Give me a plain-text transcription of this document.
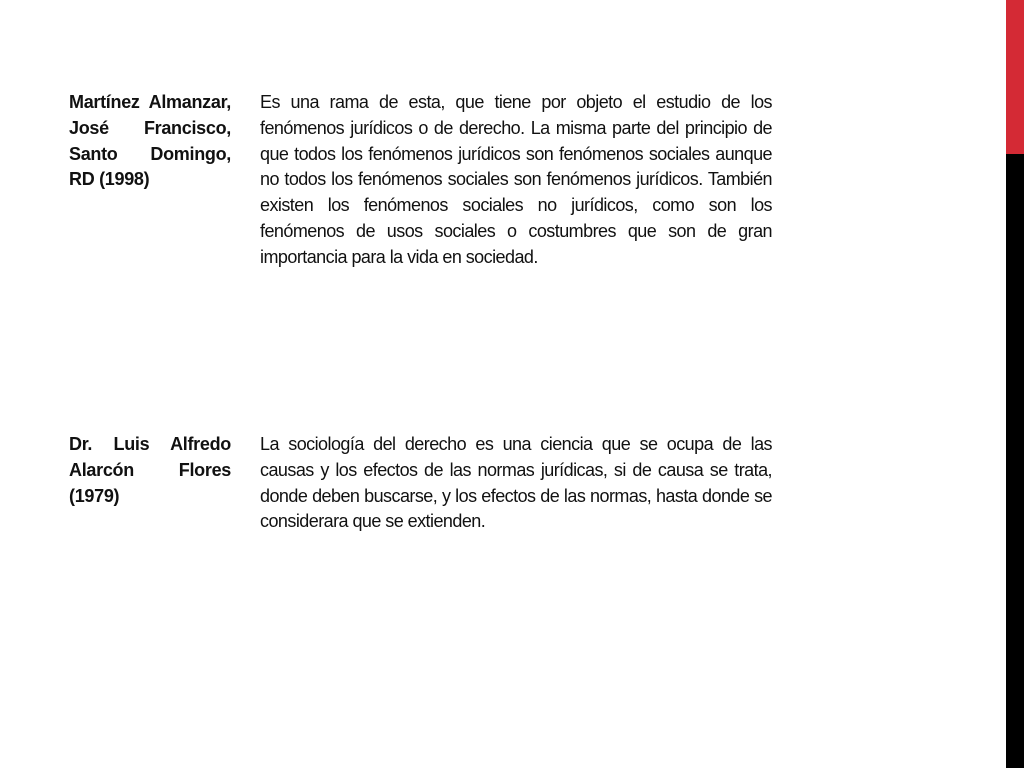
Martínez Almanzar, José Francisco, Santo Domingo, RD (1998)
Es una rama de esta, que tiene por objeto el estudio de los fenómenos jurídicos o de derecho. La misma parte del principio de que todos los fenómenos jurídicos son fenómenos sociales aunque no todos los fenómenos sociales son fenómenos jurídicos. También existen los fenómenos sociales no jurídicos, como son los fenómenos de usos sociales o costumbres que son de gran importancia para la vida en sociedad.
Dr. Luis Alfredo Alarcón Flores (1979)
La sociología del derecho es una ciencia que se ocupa de las causas y los efectos de las normas jurídicas, si de causa se trata, donde deben buscarse, y los efectos de las normas, hasta donde se considerara que se extienden.
